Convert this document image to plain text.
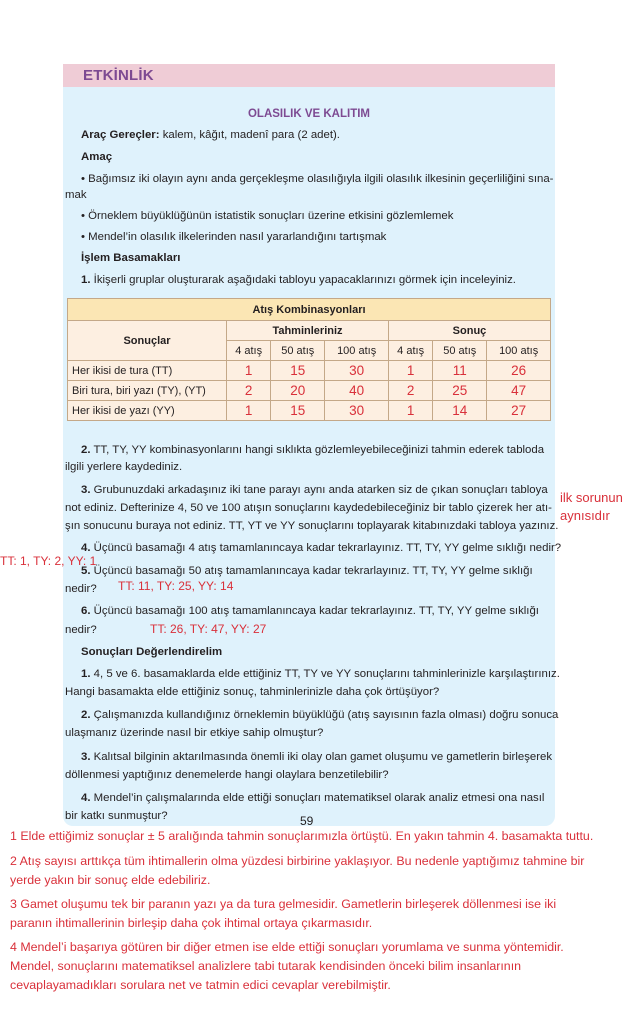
ETKİNLİK
OLASILIK VE KALITIM
Araç Gereçler: kalem, kâğıt, madenî para (2 adet).
Amaç
• Bağımsız iki olayın aynı anda gerçekleşme olasılığıyla ilgili olasılık ilkesinin geçerliliğini sına-
mak
• Örneklem büyüklüğünün istatistik sonuçları üzerine etkisini gözlemlemek
• Mendel’in olasılık ilkelerinden nasıl yararlandığını tartışmak
İşlem Basamakları
1. İkişerli gruplar oluşturarak aşağıdaki tabloyu yapacaklarınızı görmek için inceleyiniz.
Atış Kombinasyonları						
Sonuçlar	Tahminleriniz			Sonuç		
	4 atış	50 atış	100 atış	4 atış	50 atış	100 atış
Her ikisi de tura (TT)	1	15	30	1	11	26
Biri tura, biri yazı (TY), (YT)	2	20	40	2	25	47
Her ikisi de yazı (YY)	1	15	30	1	14	27
2. TT, TY, YY kombinasyonlarını hangi sıklıkta gözlemleyebileceğinizi tahmin ederek tabloda
ilgili yerlere kaydediniz.
3. Grubunuzdaki arkadaşınız iki tane parayı aynı anda atarken siz de çıkan sonuçları tabloya
not ediniz. Defterinize 4, 50 ve 100 atışın sonuçlarını kaydedebileceğiniz bir tablo çizerek her atı-
şın sonucunu buraya not ediniz. TT, YT ve YY sonuçlarını toplayarak kitabınızdaki tabloya yazınız.
4. Üçüncü basamağı 4 atış tamamlanıncaya kadar tekrarlayınız. TT, TY, YY gelme sıklığı nedir?
5. Üçüncü basamağı 50 atış tamamlanıncaya kadar tekrarlayınız. TT, TY, YY gelme sıklığı
nedir?
6. Üçüncü basamağı 100 atış tamamlanıncaya kadar tekrarlayınız. TT, TY, YY gelme sıklığı
nedir?
Sonuçları Değerlendirelim
1. 4, 5 ve 6. basamaklarda elde ettiğiniz TT, TY ve YY sonuçlarını tahminlerinizle karşılaştırınız.
Hangi basamakta elde ettiğiniz sonuç, tahminlerinizle daha çok örtüşüyor?
2. Çalışmanızda kullandığınız örneklemin büyüklüğü (atış sayısının fazla olması) doğru sonuca
ulaşmanız üzerinde nasıl bir etkiye sahip olmuştur?
3. Kalıtsal bilginin aktarılmasında önemli iki olay olan gamet oluşumu ve gametlerin birleşerek
döllenmesi yaptığınız denemelerde hangi olaylara benzetilebilir?
4. Mendel’in çalışmalarında elde ettiği sonuçları matematiksel olarak analiz etmesi ona nasıl
bir katkı sunmuştur?
ilk sorunun
aynısıdır
TT: 1, TY: 2, YY: 1
TT: 11, TY: 25, YY: 14
TT: 26, TY: 47, YY: 27
1 Elde ettiğimiz sonuçlar ± 5 aralığında tahmin sonuçlarımızla örtüştü. En yakın tahmin 4. basamakta tuttu.
59
2 Atış sayısı arttıkça tüm ihtimallerin olma yüzdesi birbirine yaklaşıyor. Bu nedenle yaptığımız tahmine bir
yerde yakın bir sonuç elde edebiliriz.
3 Gamet oluşumu tek bir paranın yazı ya da tura gelmesidir. Gametlerin birleşerek döllenmesi ise iki
paranın ihtimallerinin birleşip daha çok ihtimal ortaya çıkarmasıdır.
4 Mendel’i başarıya götüren bir diğer etmen ise elde ettiği sonuçları yorumlama ve sunma yöntemidir.
Mendel, sonuçlarını matematiksel analizlere tabi tutarak kendisinden önceki bilim insanlarının
cevaplayamadıkları sorulara net ve tatmin edici cevaplar verebilmiştir.
